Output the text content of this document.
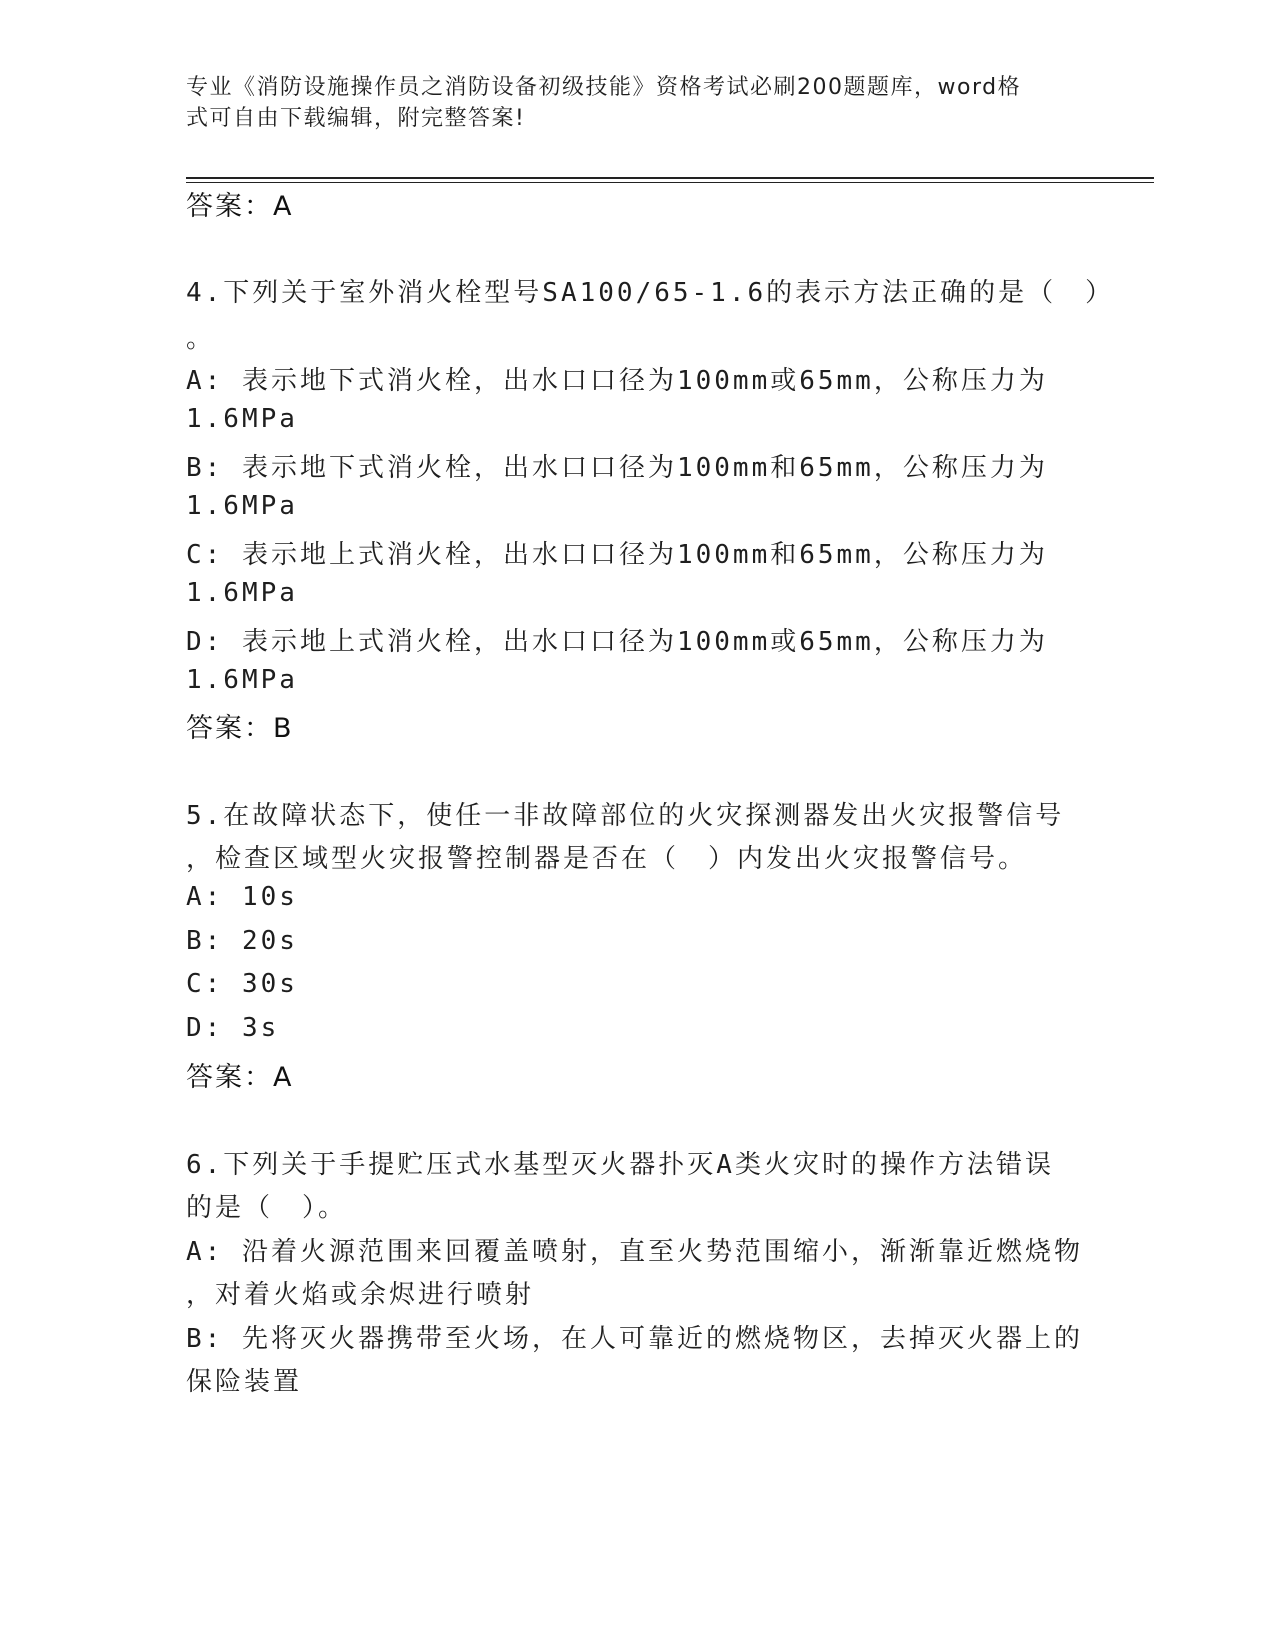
专业《消防设施操作员之消防设备初级技能》资格考试必刷200题题库，word格
式可自由下载编辑，附完整答案!
答案：A
4.下列关于室外消火栓型号SA100/65-1.6的表示方法正确的是（　）
。
A: 表示地下式消火栓，出水口口径为100mm或65mm，公称压力为
1.6MPa
B: 表示地下式消火栓，出水口口径为100mm和65mm，公称压力为
1.6MPa
C: 表示地上式消火栓，出水口口径为100mm和65mm，公称压力为
1.6MPa
D: 表示地上式消火栓，出水口口径为100mm或65mm，公称压力为
1.6MPa
答案：B
5.在故障状态下，使任一非故障部位的火灾探测器发出火灾报警信号
，检查区域型火灾报警控制器是否在（　）内发出火灾报警信号。
A: 10s
B: 20s
C: 30s
D: 3s
答案：A
6.下列关于手提贮压式水基型灭火器扑灭A类火灾时的操作方法错误
的是（　）。
A: 沿着火源范围来回覆盖喷射，直至火势范围缩小，渐渐靠近燃烧物
，对着火焰或余烬进行喷射
B: 先将灭火器携带至火场，在人可靠近的燃烧物区，去掉灭火器上的
保险装置
